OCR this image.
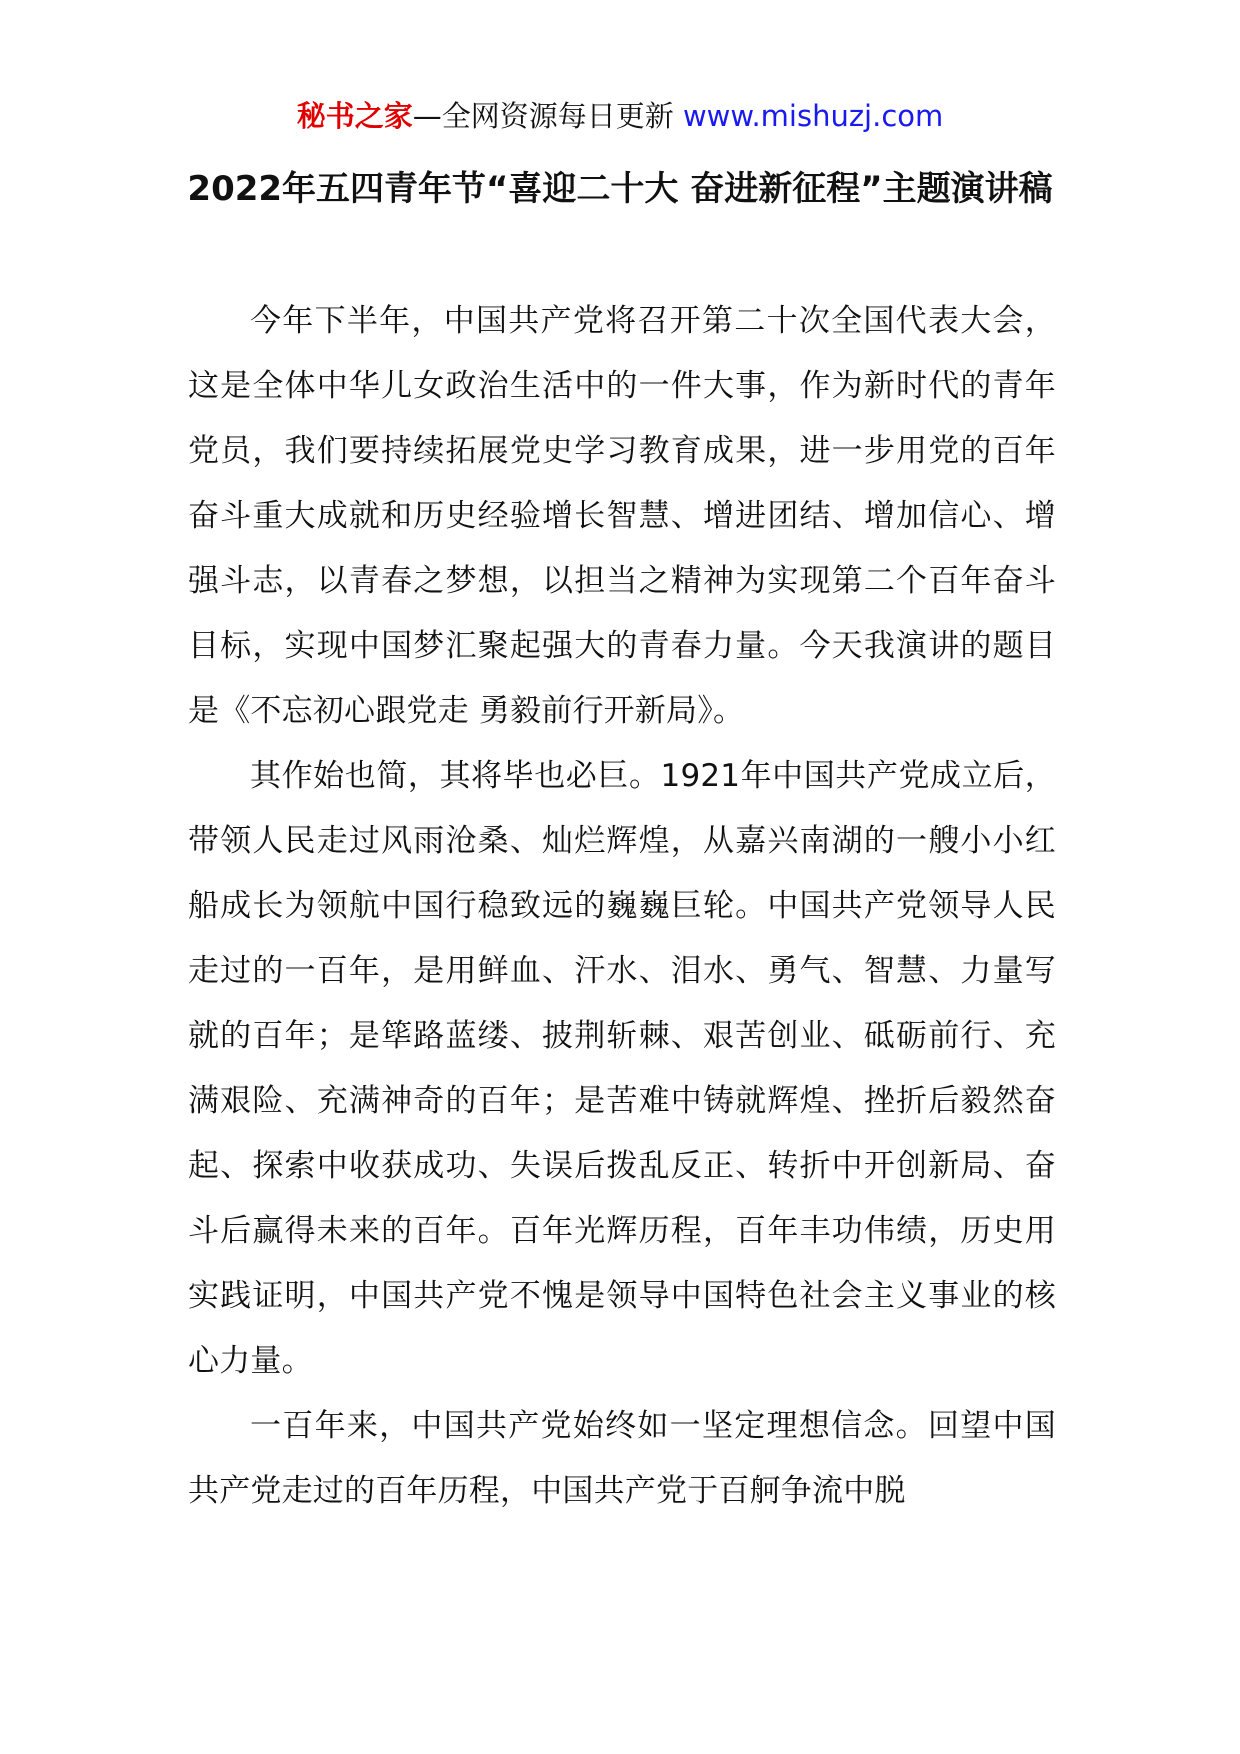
秘书之家—全网资源每日更新 www.mishuzj.com
2022年五四青年节“喜迎二十大 奋进新征程”主题演讲稿

今年下半年，中国共产党将召开第二十次全国代表大会，这是全体中华儿女政治生活中的一件大事，作为新时代的青年党员，我们要持续拓展党史学习教育成果，进一步用党的百年奋斗重大成就和历史经验增长智慧、增进团结、增加信心、增强斗志，以青春之梦想，以担当之精神为实现第二个百年奋斗目标，实现中国梦汇聚起强大的青春力量。今天我演讲的题目是《不忘初心跟党走 勇毅前行开新局》。

其作始也简，其将毕也必巨。1921年中国共产党成立后，带领人民走过风雨沧桑、灿烂辉煌，从嘉兴南湖的一艘小小红船成长为领航中国行稳致远的巍巍巨轮。中国共产党领导人民走过的一百年，是用鲜血、汗水、泪水、勇气、智慧、力量写就的百年；是筚路蓝缕、披荆斩棘、艰苦创业、砥砺前行、充满艰险、充满神奇的百年；是苦难中铸就辉煌、挫折后毅然奋起、探索中收获成功、失误后拨乱反正、转折中开创新局、奋斗后赢得未来的百年。百年光辉历程，百年丰功伟绩，历史用实践证明，中国共产党不愧是领导中国特色社会主义事业的核心力量。

一百年来，中国共产党始终如一坚定理想信念。回望中国共产党走过的百年历程，中国共产党于百舸争流中脱
